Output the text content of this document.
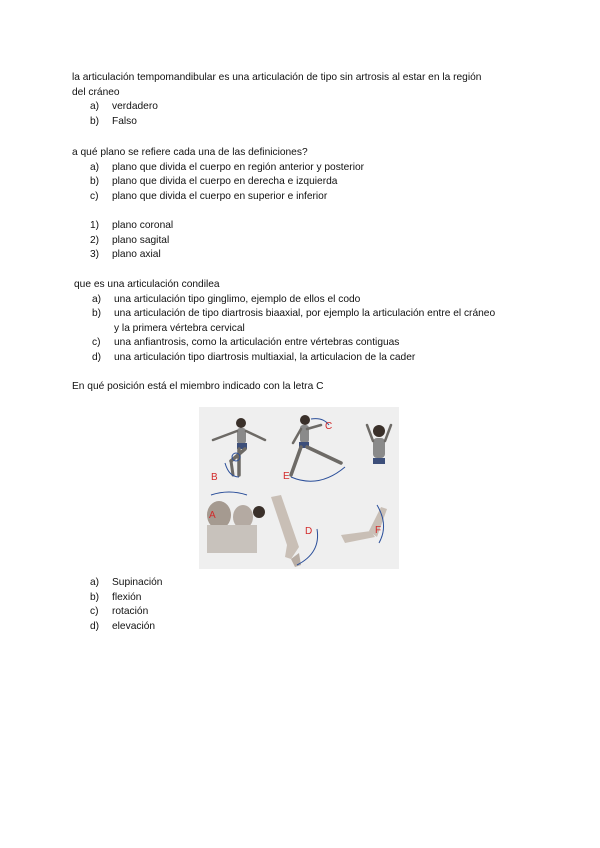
la articulación tempomandibular es una articulación de tipo sin artrosis al estar en la región
del cráneo
a)	verdadero
b)	Falso
a qué plano se refiere cada una de las definiciones?
a)	plano que divida el cuerpo en región anterior y posterior
b)	plano que divida el cuerpo en derecha e izquierda
c)	plano que divida el cuerpo en superior e inferior
1)	plano coronal
2)	plano sagital
3)	plano axial
que es una articulación condilea
a)	una articulación tipo ginglimo, ejemplo de ellos el codo
b)	una articulación de tipo diartrosis biaaxial, por ejemplo la articulación entre el cráneo
y la primera vértebra cervical
c)	una anfiantrosis, como la articulación entre vértebras contiguas
d)	una articulación tipo diartrosis multiaxial, la articulacion de la cader
En qué posición está el miembro indicado con la letra C
B
C
E
A
D	F
a)	Supinación
b)	flexión
c)	rotación
d)	elevación
